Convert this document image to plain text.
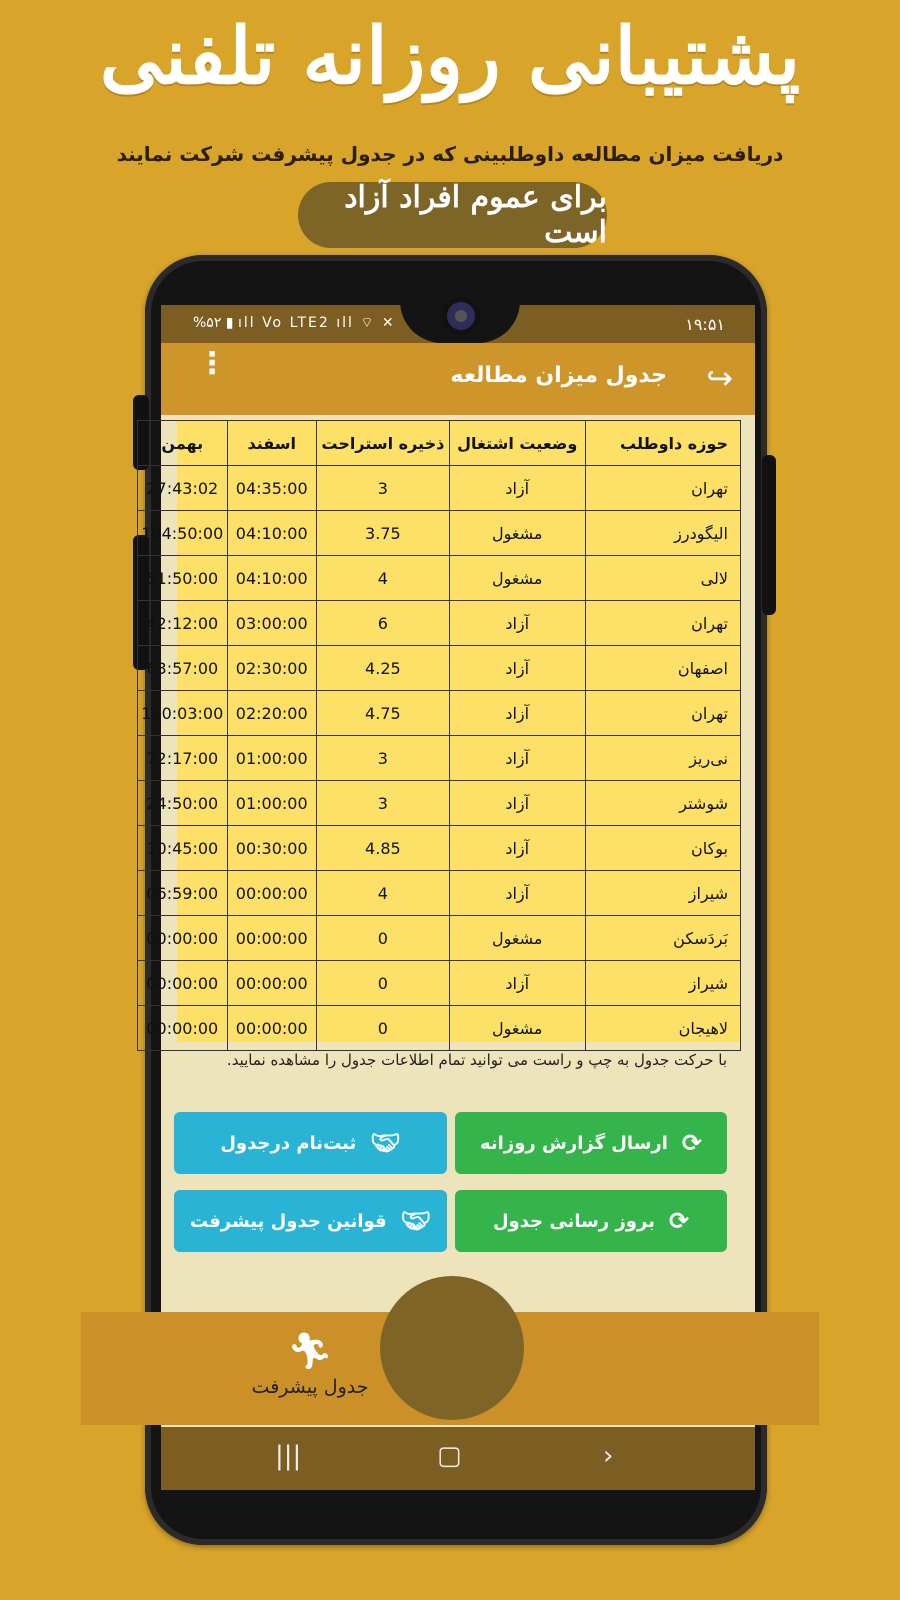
پشتیبانی روزانه تلفنی
دریافت میزان مطالعه داوطلبینی که در جدول پیشرفت شرکت نمایند
برای عموم افراد آزاد است
%۵۲ ▮ ıll Vo LTE2 ıll ⌔ ✕	۱۹:۵۱
⋮	جدول میزان مطالعه ↪
بهمن	اسفند	ذخیره استراحت	وضعیت اشتغال	حوزه داوطلب
27:43:02	04:35:00	3	آزاد	تهران
104:50:00	04:10:00	3.75	مشغول	الیگودرز
51:50:00	04:10:00	4	مشغول	لالی
42:12:00	03:00:00	6	آزاد	تهران
63:57:00	02:30:00	4.25	آزاد	اصفهان
100:03:00	02:20:00	4.75	آزاد	تهران
72:17:00	01:00:00	3	آزاد	نی‌ریز
24:50:00	01:00:00	3	آزاد	شوشتر
10:45:00	00:30:00	4.85	آزاد	بوکان
06:59:00	00:00:00	4	آزاد	شیراز
00:00:00	00:00:00	0	مشغول	بَردَسکن
00:00:00	00:00:00	0	آزاد	شیراز
00:00:00	00:00:00	0	مشغول	لاهیجان
با حرکت جدول به چپ و راست می توانید تمام اطلاعات جدول را مشاهده نمایید.
⟳
ارسال گزارش روزانه
🤝︎
ثبت‌نام درجدول
⟳
بروز رسانی جدول
🤝︎
قوانین جدول پیشرفت
|||	▢	›
🏃︎
جدول پیشرفت
